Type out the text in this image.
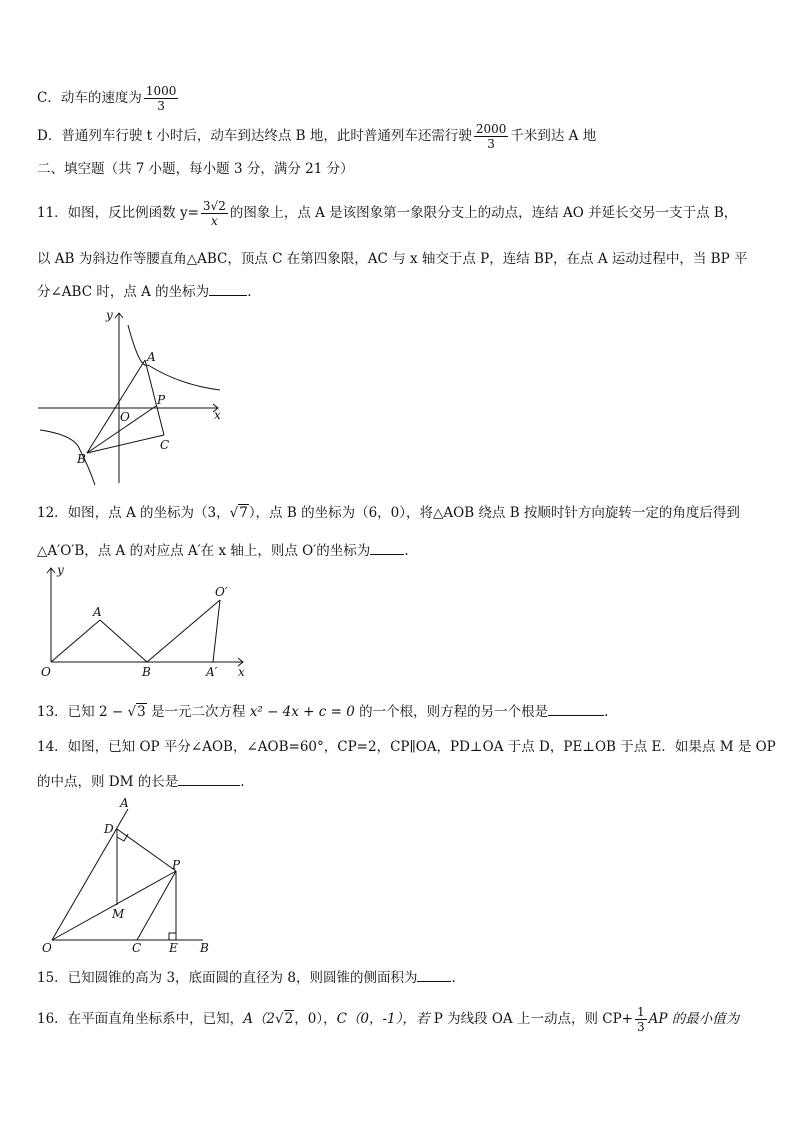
C．动车的速度为 $\frac{1000}{3}$
D．普通列车行驶 t 小时后，动车到达终点 B 地，此时普通列车还需行驶 $\frac{2000}{3}$ 千米到达 A 地
二、填空题（共 7 小题，每小题 3 分，满分 21 分）
11．如图，反比例函数 $y= \frac{3√2}{x}$ 的图象上，点 A 是该图象第一象限分支上的动点，连结 AO 并延长交另一支于点 B，
以 AB 为斜边作等腰直角△ABC，顶点 C 在第四象限，AC 与 x 轴交于点 P，连结 BP，在点 A 运动过程中，当 BP 平
分∠ABC 时，点 A 的坐标为	.
y
x
A
O
P
B
C
12．如图，点 A 的坐标为（3，√7），点 B 的坐标为（6，0），将△AOB 绕点 B 按顺时针方向旋转一定的角度后得到
△A′O′B，点 A 的对应点 A′在 x 轴上，则点 O′的坐标为	.
y
x
A
O	B	A′
O′
13．已知 2 − √3 是一元二次方程 x² − 4x + c = 0 的一个根，则方程的另一个根是	.
14．如图，已知 OP 平分∠AOB，∠AOB=60°，CP=2，CP∥OA，PD⊥OA 于点 D，PE⊥OB 于点 E．如果点 M 是 OP
的中点，则 DM 的长是	.
A
D
P
M
O	C E B
15．已知圆锥的高为 3，底面圆的直径为 8，则圆锥的侧面积为	.
16．在平面直角坐标系中，已知，A（2√2，0），C（0，-1），若 P 为线段 OA 上一动点，则 $CP+ \frac{1}{3}$ AP 的最小值为
